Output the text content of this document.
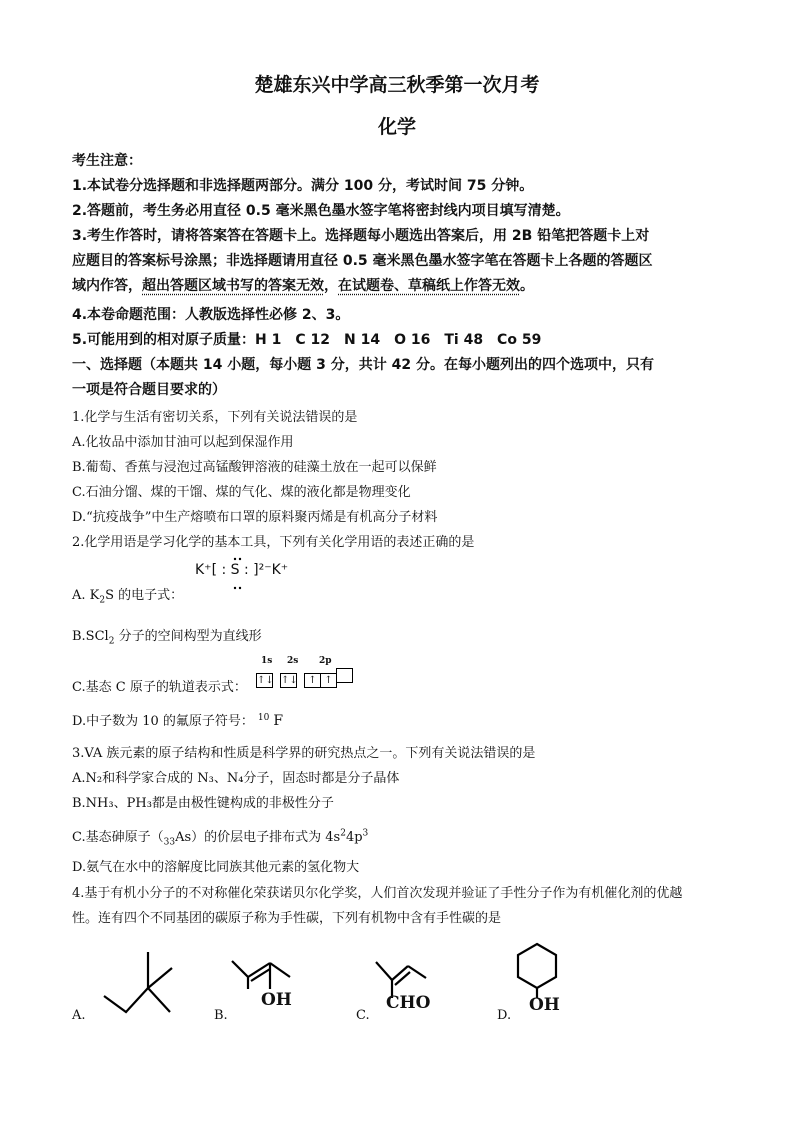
楚雄东兴中学高三秋季第一次月考
化学
考生注意：
1.本试卷分选择题和非选择题两部分。满分 100 分，考试时间 75 分钟。
2.答题前，考生务必用直径 0.5 毫米黑色墨水签字笔将密封线内项目填写清楚。
3.考生作答时，请将答案答在答题卡上。选择题每小题选出答案后，用 2B 铅笔把答题卡上对
应题目的答案标号涂黑；非选择题请用直径 0.5 毫米黑色墨水签字笔在答题卡上各题的答题区
域内作答，超出答题区域书写的答案无效，在试题卷、草稿纸上作答无效。
4.本卷命题范围：人教版选择性必修 2、3。
5.可能用到的相对原子质量：H 1　C 12　N 14　O 16　Ti 48　Co 59
一、选择题（本题共 14 小题，每小题 3 分，共计 42 分。在每小题列出的四个选项中，只有
一项是符合题目要求的）
1.化学与生活有密切关系，下列有关说法错误的是
A.化妆品中添加甘油可以起到保湿作用
B.葡萄、香蕉与浸泡过高锰酸钾溶液的硅藻土放在一起可以保鲜
C.石油分馏、煤的干馏、煤的气化、煤的液化都是物理变化
D.“抗疫战争”中生产熔喷布口罩的原料聚丙烯是有机高分子材料
2.化学用语是学习化学的基本工具，下列有关化学用语的表述正确的是
A. $K_2S$ 的电子式：
K⁺[ : S : ]²⁻K⁺
B.SCl$_2$ 分子的空间构型为直线形
C.基态 C 原子的轨道表示式：
1s 2s 2p
↑↓ ↑↓	↑ ↑
D.中子数为 10 的氟原子符号： $^{10}$ F
3.VA 族元素的原子结构和性质是科学界的研究热点之一。下列有关说法错误的是
A.N₂和科学家合成的 N₃、N₄分子，固态时都是分子晶体
B.NH₃、PH₃都是由极性键构成的非极性分子
C.基态砷原子$(_{33}As)$的价层电子排布式为 $4s^24p^3$
D.氨气在水中的溶解度比同族其他元素的氢化物大
4.基于有机小分子的不对称催化荣获诺贝尔化学奖，人们首次发现并验证了手性分子作为有机催化剂的优越
性。连有四个不同基团的碳原子称为手性碳，下列有机物中含有手性碳的是
A.	B.	C.	D.
OH	CHO	OH
